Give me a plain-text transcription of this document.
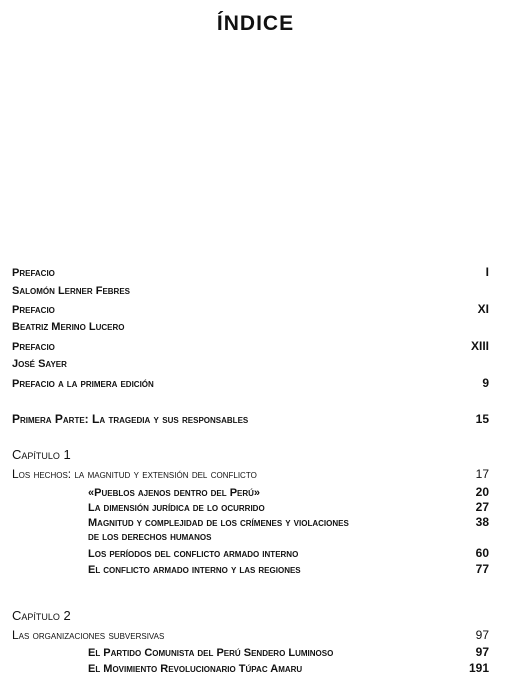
ÍNDICE
Prefacio	I
Salomón Lerner Febres
Prefacio	XI
Beatriz Merino Lucero
Prefacio	XIII
José Sayer
Prefacio a la primera edición	9
Primera Parte: La tragedia y sus responsables	15
Capítulo 1
Los hechos: la magnitud y extensión del conflicto	17
«Pueblos ajenos dentro del Perú»	20
La dimensión jurídica de lo ocurrido	27
Magnitud y complejidad de los crímenes y violaciones	38
de los derechos humanos
Los períodos del conflicto armado interno	60
El conflicto armado interno y las regiones	77
Capítulo 2
Las organizaciones subversivas	97
El Partido Comunista del Perú Sendero Luminoso	97
El Movimiento Revolucionario Túpac Amaru	191
